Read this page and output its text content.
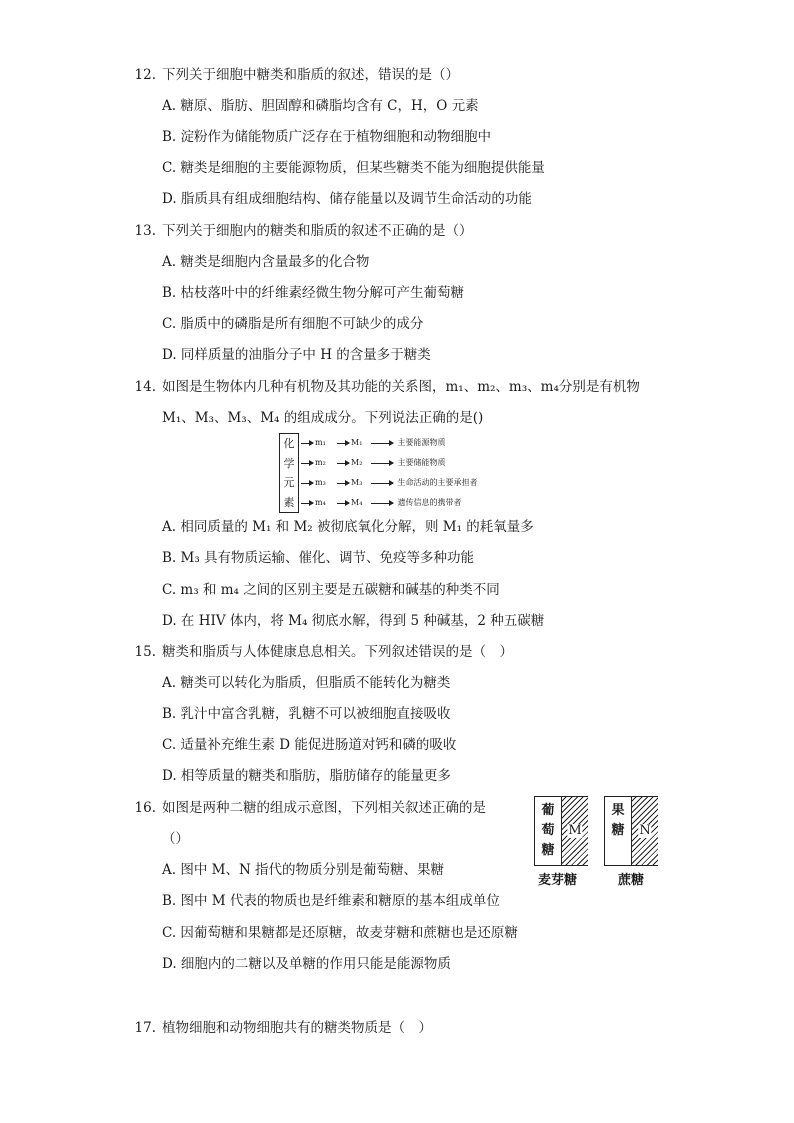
12. 下列关于细胞中糖类和脂质的叙述，错误的是（）
A. 糖原、脂肪、胆固醇和磷脂均含有 C，H，O 元素
B. 淀粉作为储能物质广泛存在于植物细胞和动物细胞中
C. 糖类是细胞的主要能源物质，但某些糖类不能为细胞提供能量
D. 脂质具有组成细胞结构、储存能量以及调节生命活动的功能
13. 下列关于细胞内的糖类和脂质的叙述不正确的是（）
A. 糖类是细胞内含量最多的化合物
B. 枯枝落叶中的纤维素经微生物分解可产生葡萄糖
C. 脂质中的磷脂是所有细胞不可缺少的成分
D. 同样质量的油脂分子中 H 的含量多于糖类
14. 如图是生物体内几种有机物及其功能的关系图，m₁、m₂、m₃、m₄分别是有机物
M₁、M₃、M₃、M₄ 的组成成分。下列说法正确的是()
化
学
元
素
m₁	M₁	主要能源物质
m₂	M₂	主要储能物质
m₃	M₃	生命活动的主要承担者
m₄	M₄	遗传信息的携带者
A. 相同质量的 M₁ 和 M₂ 被彻底氧化分解，则 M₁ 的耗氧量多
B. M₃ 具有物质运输、催化、调节、免疫等多种功能
C. m₃ 和 m₄ 之间的区别主要是五碳糖和碱基的种类不同
D. 在 HIV 体内，将 M₄ 彻底水解，得到 5 种碱基，2 种五碳糖
15. 糖类和脂质与人体健康息息相关。下列叙述错误的是（　）
A. 糖类可以转化为脂质，但脂质不能转化为糖类
B. 乳汁中富含乳糖，乳糖不可以被细胞直接吸收
C. 适量补充维生素 D 能促进肠道对钙和磷的吸收
D. 相等质量的糖类和脂肪，脂肪储存的能量更多
16. 如图是两种二糖的组成示意图，下列相关叙述正确的是
（）
A. 图中 M、N 指代的物质分别是葡萄糖、果糖
B. 图中 M 代表的物质也是纤维素和糖原的基本组成单位
C. 因葡萄糖和果糖都是还原糖，故麦芽糖和蔗糖也是还原糖
D. 细胞内的二糖以及单糖的作用只能是能源物质
葡
萄
糖
M
麦芽糖
果
糖	N
蔗糖
17. 植物细胞和动物细胞共有的糖类物质是（　）
